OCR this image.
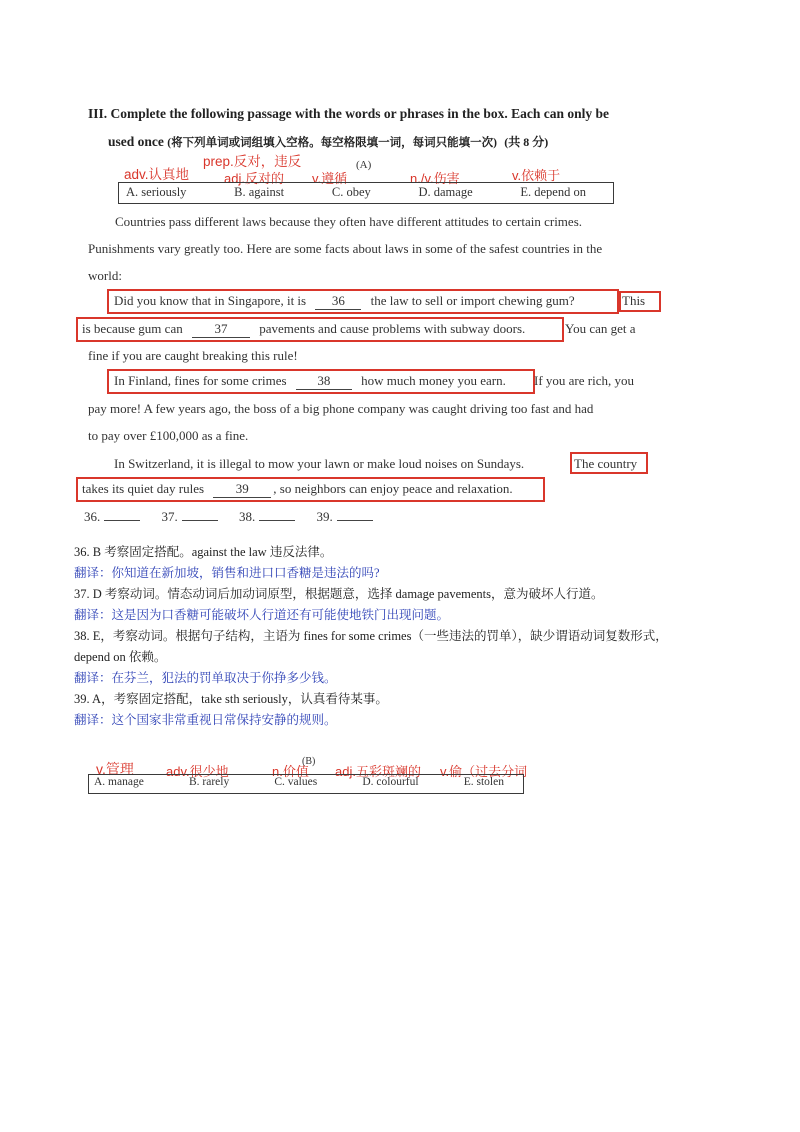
III. Complete the following passage with the words or phrases in the box. Each can only be
used once (将下列单词或词组填入空格。每空格限填一词，每词只能填一次) (共 8 分)
adv.认真地
prep.反对，违反
adj.反对的 v.遵循
(A)
n./v.伤害	v.依赖于
A. seriously	B. against	C. obey	D. damage	E. depend on
Countries pass different laws because they often have different attitudes to certain crimes.
Punishments vary greatly too. Here are some facts about laws in some of the safest countries in the
world:
Did you know that in Singapore, it is 36 the law to sell or import chewing gum?	This
is because gum can 37 pavements and cause problems with subway doors.	You can get a
fine if you are caught breaking this rule!
In Finland, fines for some crimes 38 how much money you earn. If you are rich, you
pay more! A few years ago, the boss of a big phone company was caught driving too fast and had
to pay over £100,000 as a fine.
In Switzerland, it is illegal to mow your lawn or make loud noises on Sundays.	The country
takes its quiet day rules 39 , so neighbors can enjoy peace and relaxation.
36.	37.	38.	39.
36. B 考察固定搭配。against the law 违反法律。
翻译：你知道在新加坡，销售和进口口香糖是违法的吗?
37. D 考察动词。情态动词后加动词原型，根据题意，选择 damage pavements，意为破坏人行道。
翻译：这是因为口香糖可能破坏人行道还有可能使地铁门出现问题。
38. E，考察动词。根据句子结构，主语为 fines for some crimes（一些违法的罚单），缺少谓语动词复数形式，
depend on 依赖。
翻译：在芬兰，犯法的罚单取决于你挣多少钱。
39. A，考察固定搭配，take sth seriously，认真看待某事。
翻译：这个国家非常重视日常保持安静的规则。
v.管理 adv.很少地	n.价值
(B)
adj.五彩斑斓的 v.偷（过去分词
A. manage	B. rarely	C. values	D. colourful	E. stolen
